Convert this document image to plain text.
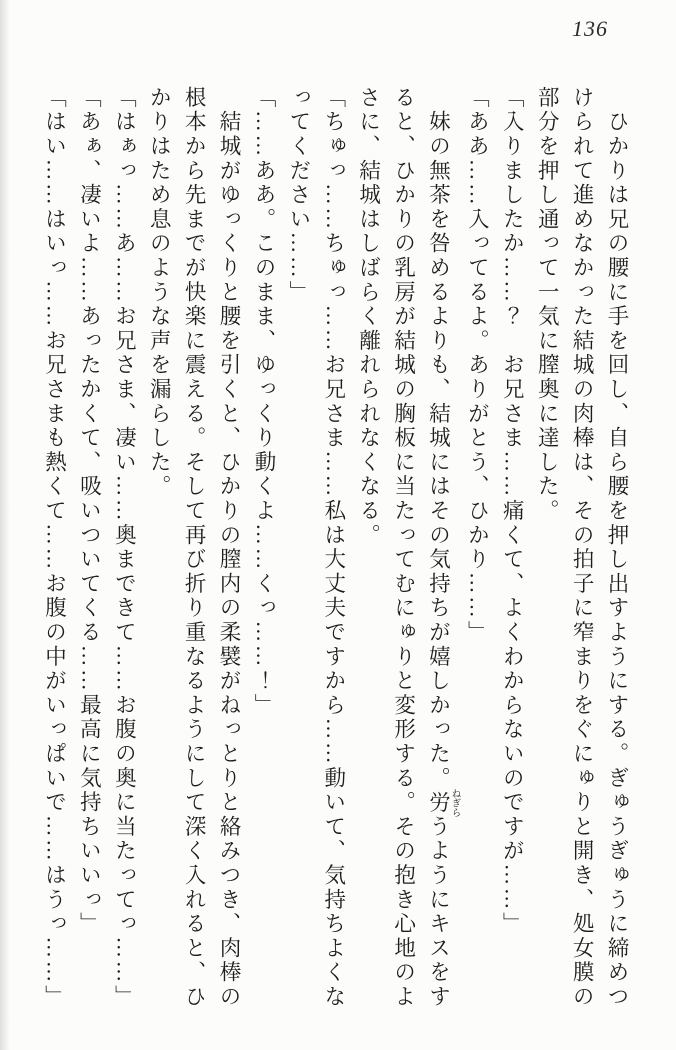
136

　ひかりは兄の腰に手を回し、自ら腰を押し出すようにする。ぎゅうぎゅうに締めつけられて進めなかった結城の肉棒は、その拍子に窄まりをぐにゅりと開き、処女膜の部分を押し通って一気に膣奥に達した。

「入りましたか……？　お兄さま……痛くて、よくわからないのですが……」

「ああ……入ってるよ。ありがとう、ひかり……」

　妹の無茶を咎めるよりも、結城にはその気持ちが嬉しかった。労 ねぎらうようにキスをすると、ひかりの乳房が結城の胸板に当たってむにゅりと変形する。その抱き心地のよさに、結城はしばらく離れられなくなる。

「ちゅっ……ちゅっ……お兄さま……私は大丈夫ですから……動いて、気持ちよくなってください……」

「……ああ。このまま、ゆっくり動くよ……くっ……！」

　結城がゆっくりと腰を引くと、ひかりの膣内の柔襞がねっとりと絡みつき、肉棒の根本から先までが快楽に震える。そして再び折り重なるようにして深く入れると、ひかりはため息のような声を漏らした。

「はぁっ……あ……お兄さま、凄い……奥まできて……お腹の奥に当たってっ……」

「あぁ、凄いよ……あったかくて、吸いついてくる……最高に気持ちいいっ」

「はい……はいっ……お兄さまも熱くて……お腹の中がいっぱいで……はうっ……」
